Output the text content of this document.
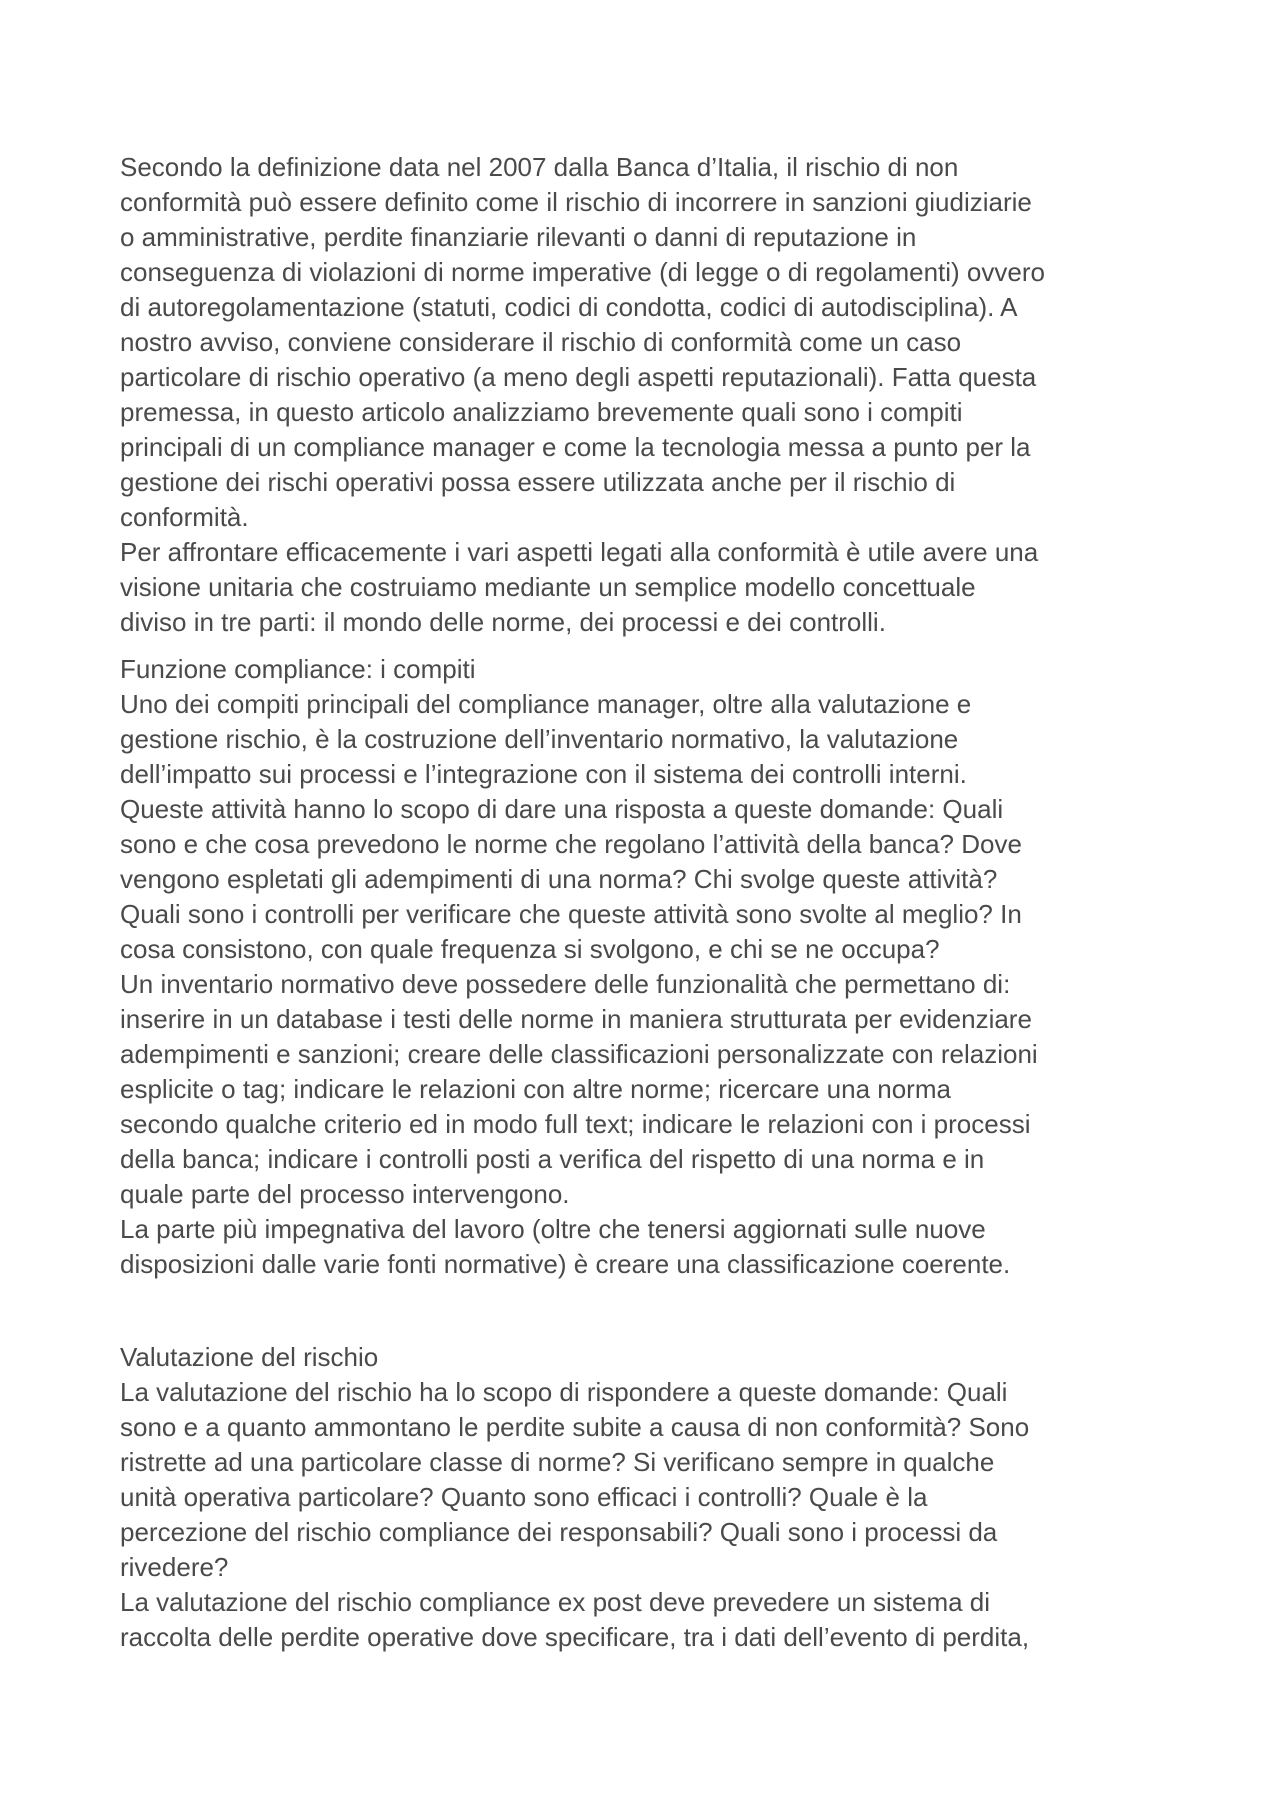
Secondo la definizione data nel 2007 dalla Banca d’Italia, il rischio di non
conformità può essere definito come il rischio di incorrere in sanzioni giudiziarie
o amministrative, perdite finanziarie rilevanti o danni di reputazione in
conseguenza di violazioni di norme imperative (di legge o di regolamenti) ovvero
di autoregolamentazione (statuti, codici di condotta, codici di autodisciplina). A
nostro avviso, conviene considerare il rischio di conformità come un caso
particolare di rischio operativo (a meno degli aspetti reputazionali). Fatta questa
premessa, in questo articolo analizziamo brevemente quali sono i compiti
principali di un compliance manager e come la tecnologia messa a punto per la
gestione dei rischi operativi possa essere utilizzata anche per il rischio di
conformità.

Per affrontare efficacemente i vari aspetti legati alla conformità è utile avere una
visione unitaria che costruiamo mediante un semplice modello concettuale
diviso in tre parti: il mondo delle norme, dei processi e dei controlli.

Funzione compliance: i compiti

Uno dei compiti principali del compliance manager, oltre alla valutazione e
gestione rischio, è la costruzione dell’inventario normativo, la valutazione
dell’impatto sui processi e l’integrazione con il sistema dei controlli interni.

Queste attività hanno lo scopo di dare una risposta a queste domande: Quali
sono e che cosa prevedono le norme che regolano l’attività della banca? Dove
vengono espletati gli adempimenti di una norma? Chi svolge queste attività?
Quali sono i controlli per verificare che queste attività sono svolte al meglio? In
cosa consistono, con quale frequenza si svolgono, e chi se ne occupa?

Un inventario normativo deve possedere delle funzionalità che permettano di:
inserire in un database i testi delle norme in maniera strutturata per evidenziare
adempimenti e sanzioni; creare delle classificazioni personalizzate con relazioni
esplicite o tag; indicare le relazioni con altre norme; ricercare una norma
secondo qualche criterio ed in modo full text; indicare le relazioni con i processi
della banca; indicare i controlli posti a verifica del rispetto di una norma e in
quale parte del processo intervengono.

La parte più impegnativa del lavoro (oltre che tenersi aggiornati sulle nuove
disposizioni dalle varie fonti normative) è creare una classificazione coerente.

Valutazione del rischio

La valutazione del rischio ha lo scopo di rispondere a queste domande: Quali
sono e a quanto ammontano le perdite subite a causa di non conformità? Sono
ristrette ad una particolare classe di norme? Si verificano sempre in qualche
unità operativa particolare? Quanto sono efficaci i controlli? Quale è la
percezione del rischio compliance dei responsabili? Quali sono i processi da
rivedere?

La valutazione del rischio compliance ex post deve prevedere un sistema di
raccolta delle perdite operative dove specificare, tra i dati dell’evento di perdita,
